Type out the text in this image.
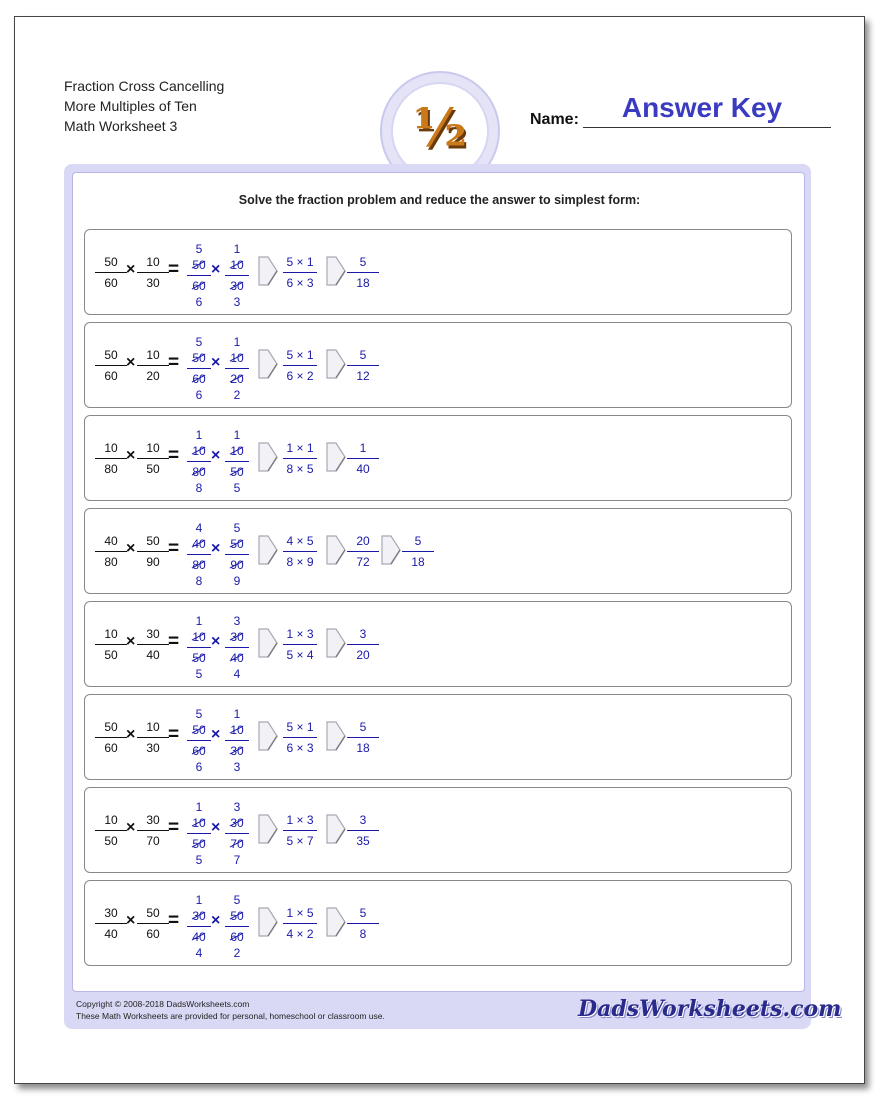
Fraction Cross Cancelling
More Multiples of Ten
Math Worksheet 3	½	Name:	Answer Key
Solve the fraction problem and reduce the answer to simplest form:
50
60
× 10
30
=
5
50
60
6
×
1
10
30
3
5 × 1
6 × 3
5
18
50
60
× 10
20
=
5
50
60
6
×
1
10
20
2
5 × 1
6 × 2
5
12
10
80
× 10
50
=
1
10
80
8
×
1
10
50
5
1 × 1
8 × 5
1
40
40
80
× 50
90
=
4
40
80
8
×
5
50
90
9
4 × 5
8 × 9
20
72
5
18
10
50
× 30
40
=
1
10
50
5
×
3
30
40
4
1 × 3
5 × 4
3
20
50
60
× 10
30
=
5
50
60
6
×
1
10
30
3
5 × 1
6 × 3
5
18
10
50
× 30
70
=
1
10
50
5
×
3
30
70
7
1 × 3
5 × 7
3
35
30
40
× 50
60
=
1
30
40
4
×
5
50
60
2
1 × 5
4 × 2
5
8
Copyright © 2008-2018 DadsWorksheets.com
These Math Worksheets are provided for personal, homeschool or classroom use.	DadsWorksheets.com
